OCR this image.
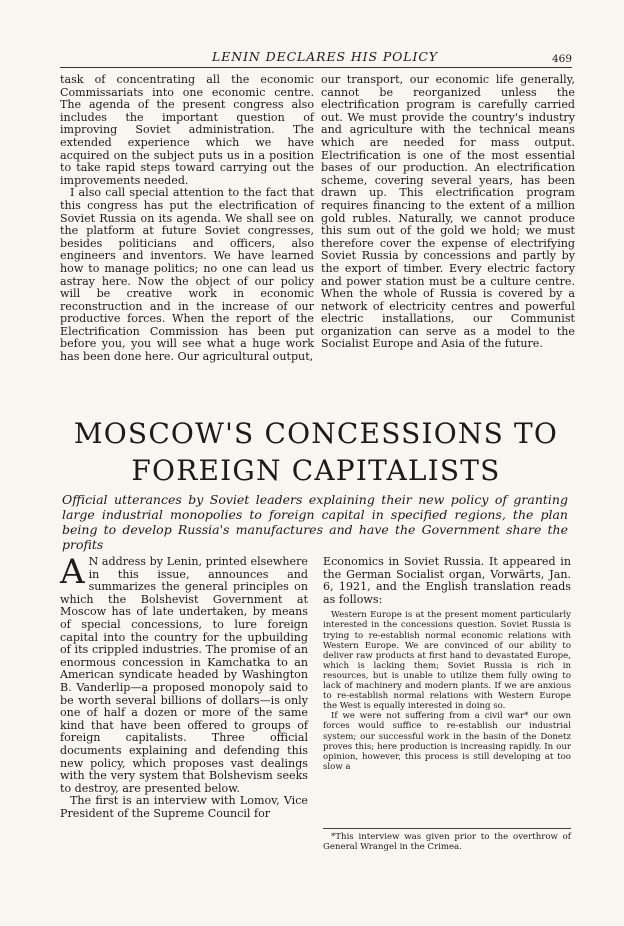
LENIN DECLARES HIS POLICY	469

task of concentrating all the economic Commissariats into one economic centre. The agenda of the present congress also includes the important question of improving Soviet administration. The extended experience which we have acquired on the subject puts us in a position to take rapid steps toward carrying out the improvements needed.

I also call special attention to the fact that this congress has put the electrification of Soviet Russia on its agenda. We shall see on the platform at future Soviet congresses, besides politicians and officers, also engineers and inventors. We have learned how to manage politics; no one can lead us astray here. Now the object of our policy will be creative work in economic reconstruction and in the increase of our productive forces. When the report of the Electrification Commission has been put before you, you will see what a huge work has been done here. Our agricultural output,

our transport, our economic life generally, cannot be reorganized unless the electrification program is carefully carried out. We must provide the country's industry and agriculture with the technical means which are needed for mass output. Electrification is one of the most essential bases of our production. An electrification scheme, covering several years, has been drawn up. This electrification program requires financing to the extent of a million gold rubles. Naturally, we cannot produce this sum out of the gold we hold; we must therefore cover the expense of electrifying Soviet Russia by concessions and partly by the export of timber. Every electric factory and power station must be a culture centre. When the whole of Russia is covered by a network of electricity centres and powerful electric installations, our Communist organization can serve as a model to the Socialist Europe and Asia of the future.

MOSCOW'S CONCESSIONS TO
FOREIGN CAPITALISTS
Official utterances by Soviet leaders explaining their new policy of granting large industrial monopolies to foreign capital in specified regions, the plan being to develop Russia's manufactures and have the Government share the profits

A N address by Lenin, printed elsewhere in this issue, announces and summarizes the general principles on which the Bolshevist Government at Moscow has of late undertaken, by means of special concessions, to lure foreign capital into the country for the upbuilding of its crippled industries. The promise of an enormous concession in Kamchatka to an American syndicate headed by Washington B. Vanderlip—a proposed monopoly said to be worth several billions of dollars—is only one of half a dozen or more of the same kind that have been offered to groups of foreign capitalists. Three official documents explaining and defending this new policy, which proposes vast dealings with the very system that Bolshevism seeks to destroy, are presented below.

The first is an interview with Lomov, Vice President of the Supreme Council for

Economics in Soviet Russia. It appeared in the German Socialist organ, Vorwärts, Jan. 6, 1921, and the English translation reads as follows:

Western Europe is at the present moment particularly interested in the concessions question. Soviet Russia is trying to re-establish normal economic relations with Western Europe. We are convinced of our ability to deliver raw products at first hand to devastated Europe, which is lacking them; Soviet Russia is rich in resources, but is unable to utilize them fully owing to lack of machinery and modern plants. If we are anxious to re-establish normal relations with Western Europe the West is equally interested in doing so.

If we were not suffering from a civil war* our own forces would suffice to re-establish our industrial system; our successful work in the basin of the Donetz proves this; here production is increasing rapidly. In our opinion, however, this process is still developing at too slow a

*This interview was given prior to the overthrow of General Wrangel in the Crimea.
